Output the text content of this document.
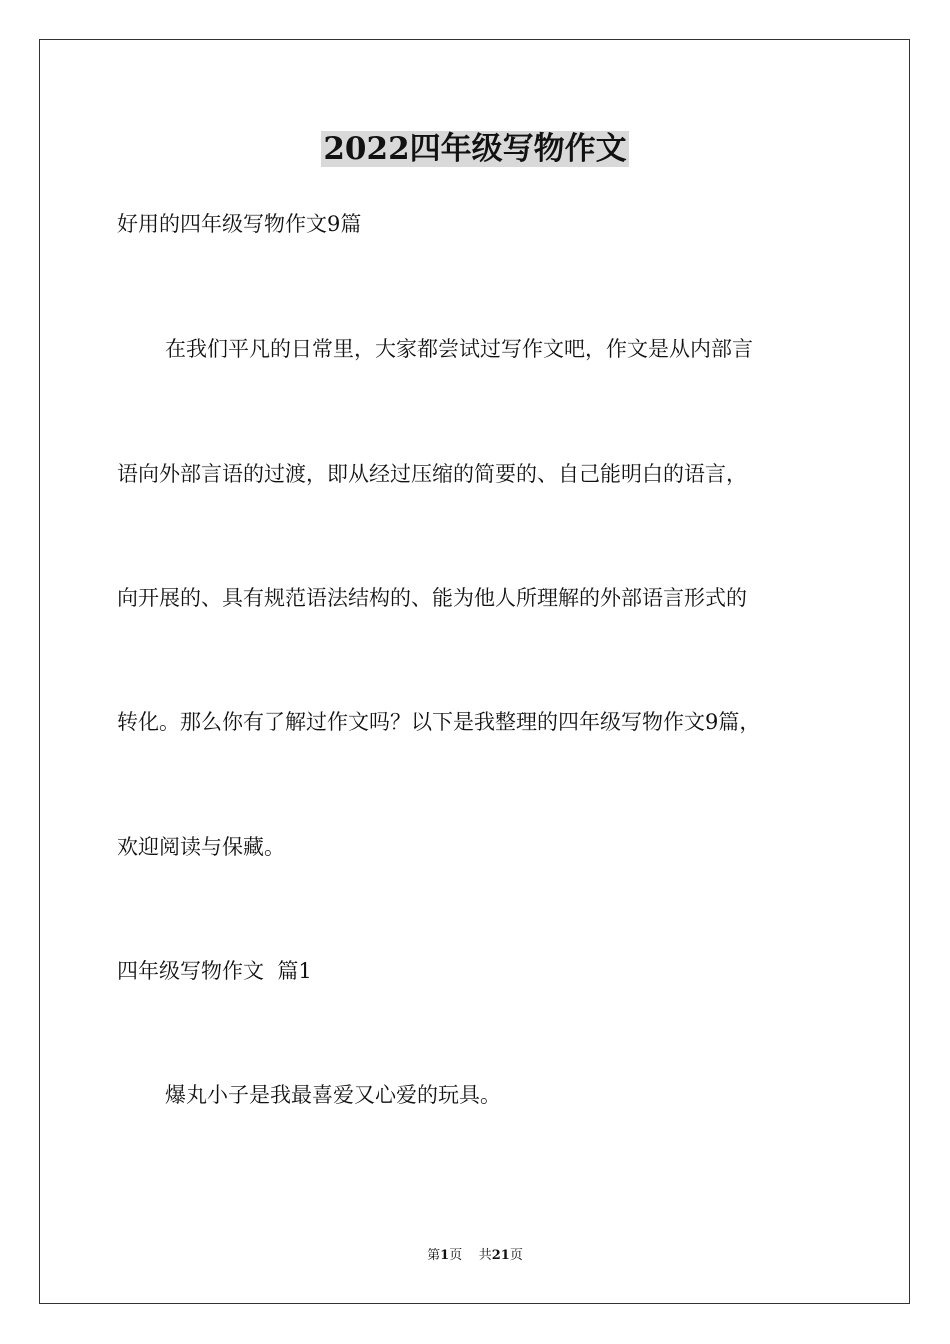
2022四年级写物作文
好用的四年级写物作文9篇
在我们平凡的日常里，大家都尝试过写作文吧，作文是从内部言
语向外部言语的过渡，即从经过压缩的简要的、自己能明白的语言，
向开展的、具有规范语法结构的、能为他人所理解的外部语言形式的
转化。那么你有了解过作文吗？以下是我整理的四年级写物作文9篇，
欢迎阅读与保藏。
四年级写物作文  篇1
爆丸小子是我最喜爱又心爱的玩具。
第1页 共21页
